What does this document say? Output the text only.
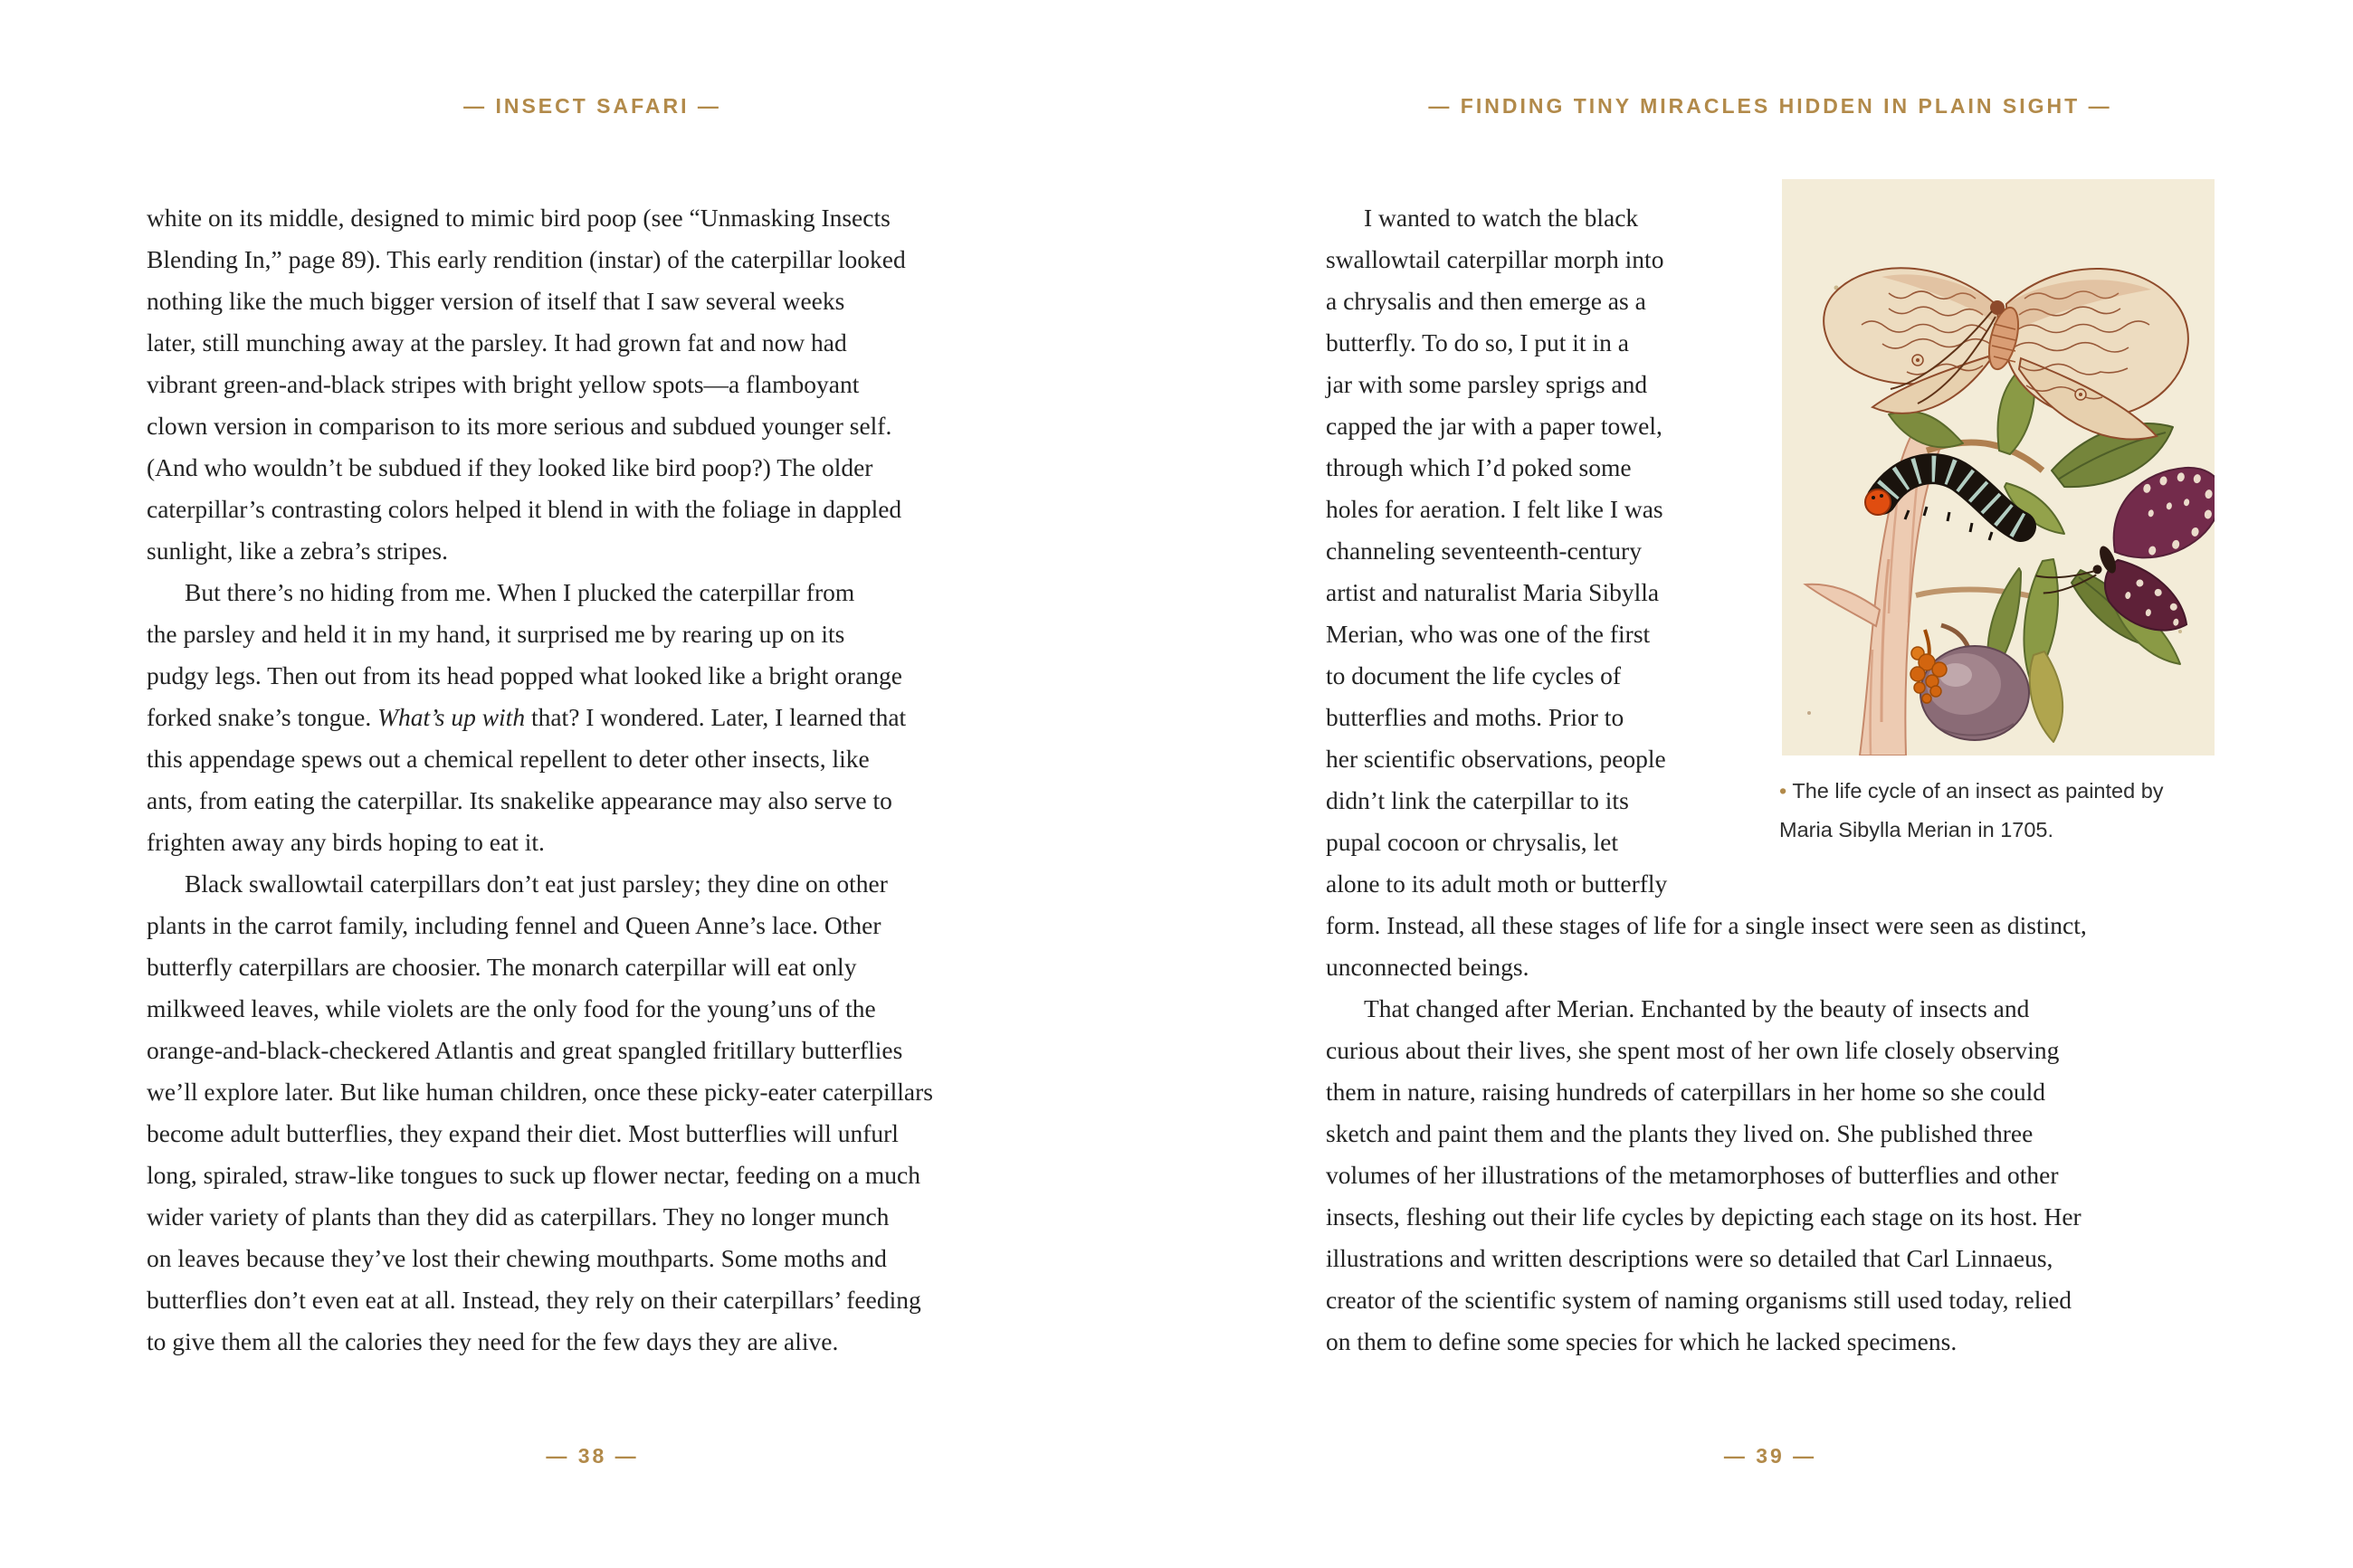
— INSECT SAFARI —
white on its middle, designed to mimic bird poop (see “Unmasking Insects
Blending In,” page 89). This early rendition (instar) of the caterpillar looked
nothing like the much bigger version of itself that I saw several weeks
later, still munching away at the parsley. It had grown fat and now had
vibrant green-and-black stripes with bright yellow spots—a flamboyant
clown version in comparison to its more serious and subdued younger self.
(And who wouldn’t be subdued if they looked like bird poop?) The older
caterpillar’s contrasting colors helped it blend in with the foliage in dappled
sunlight, like a zebra’s stripes.
But there’s no hiding from me. When I plucked the caterpillar from
the parsley and held it in my hand, it surprised me by rearing up on its
pudgy legs. Then out from its head popped what looked like a bright orange
forked snake’s tongue. What’s up with that? I wondered. Later, I learned that
this appendage spews out a chemical repellent to deter other insects, like
ants, from eating the caterpillar. Its snakelike appearance may also serve to
frighten away any birds hoping to eat it.
Black swallowtail caterpillars don’t eat just parsley; they dine on other
plants in the carrot family, including fennel and Queen Anne’s lace. Other
butterfly caterpillars are choosier. The monarch caterpillar will eat only
milkweed leaves, while violets are the only food for the young’uns of the
orange-and-black-checkered Atlantis and great spangled fritillary butterflies
we’ll explore later. But like human children, once these picky-eater caterpillars
become adult butterflies, they expand their diet. Most butterflies will unfurl
long, spiraled, straw-like tongues to suck up flower nectar, feeding on a much
wider variety of plants than they did as caterpillars. They no longer munch
on leaves because they’ve lost their chewing mouthparts. Some moths and
butterflies don’t even eat at all. Instead, they rely on their caterpillars’ feeding
to give them all the calories they need for the few days they are alive.
— 38 —
— FINDING TINY MIRACLES HIDDEN IN PLAIN SIGHT —
I wanted to watch the black
swallowtail caterpillar morph into
a chrysalis and then emerge as a
butterfly. To do so, I put it in a
jar with some parsley sprigs and
capped the jar with a paper towel,
through which I’d poked some
holes for aeration. I felt like I was
channeling seventeenth-century
artist and naturalist Maria Sibylla
Merian, who was one of the first
to document the life cycles of
butterflies and moths. Prior to
her scientific observations, people
didn’t link the caterpillar to its
pupal cocoon or chrysalis, let
alone to its adult moth or butterfly
form. Instead, all these stages of life for a single insect were seen as distinct,
unconnected beings.
That changed after Merian. Enchanted by the beauty of insects and
curious about their lives, she spent most of her own life closely observing
them in nature, raising hundreds of caterpillars in her home so she could
sketch and paint them and the plants they lived on. She published three
volumes of her illustrations of the metamorphoses of butterflies and other
insects, fleshing out their life cycles by depicting each stage on its host. Her
illustrations and written descriptions were so detailed that Carl Linnaeus,
creator of the scientific system of naming organisms still used today, relied
on them to define some species for which he lacked specimens.
• The life cycle of an insect as painted by
Maria Sibylla Merian in 1705.
— 39 —
